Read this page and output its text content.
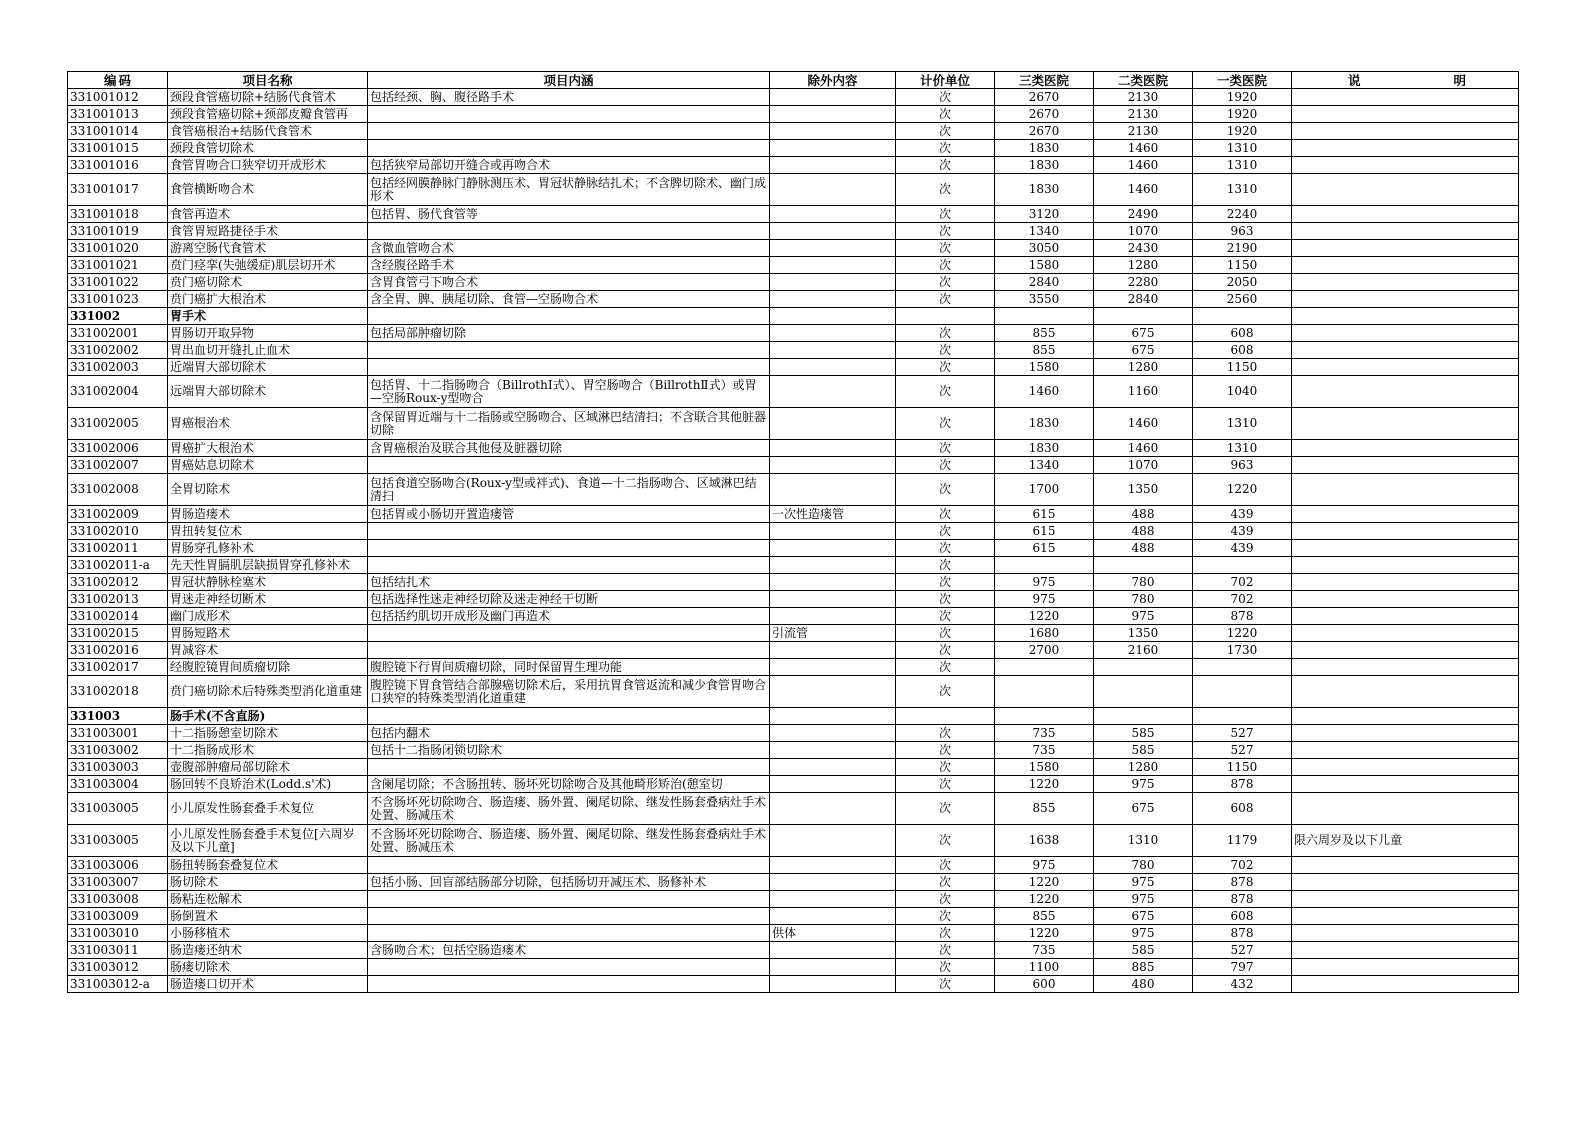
编 码	项目名称	项目内涵	除外内容	计价单位	三类医院	二类医院	一类医院	说 明

331001012	颈段食管癌切除+结肠代食管术	包括经颈、胸、腹径路手术		次	2670	2130	1920	
331001013	颈段食管癌切除+颈部皮瓣食管再			次	2670	2130	1920	
331001014	食管癌根治+结肠代食管术			次	2670	2130	1920	
331001015	颈段食管切除术			次	1830	1460	1310	
331001016	食管胃吻合口狭窄切开成形术	包括狭窄局部切开缝合或再吻合术		次	1830	1460	1310	
331001017	食管横断吻合术	包括经网膜静脉门静脉测压术、胃冠状静脉结扎术；不含脾切除术、幽门成形术		次	1830	1460	1310	
331001018	食管再造术	包括胃、肠代食管等		次	3120	2490	2240	
331001019	食管胃短路捷径手术			次	1340	1070	963	
331001020	游离空肠代食管术	含微血管吻合术		次	3050	2430	2190	
331001021	贲门痉挛(失弛缓症)肌层切开术	含经腹径路手术		次	1580	1280	1150	
331001022	贲门癌切除术	含胃食管弓下吻合术		次	2840	2280	2050	
331001023	贲门癌扩大根治术	含全胃、脾、胰尾切除、食管—空肠吻合术		次	3550	2840	2560	
331002	胃手术							
331002001	胃肠切开取异物	包括局部肿瘤切除		次	855	675	608	
331002002	胃出血切开缝扎止血术			次	855	675	608	
331002003	近端胃大部切除术			次	1580	1280	1150	
331002004	远端胃大部切除术	包括胃、十二指肠吻合（BillrothⅠ式）、胃空肠吻合（BillrothⅡ式）或胃—空肠Roux-y型吻合		次	1460	1160	1040	
331002005	胃癌根治术	含保留胃近端与十二指肠或空肠吻合、区域淋巴结清扫；不含联合其他脏器切除		次	1830	1460	1310	
331002006	胃癌扩大根治术	含胃癌根治及联合其他侵及脏器切除		次	1830	1460	1310	
331002007	胃癌姑息切除术			次	1340	1070	963	
331002008	全胃切除术	包括食道空肠吻合(Roux-y型或袢式)、食道—十二指肠吻合、区域淋巴结清扫		次	1700	1350	1220	
331002009	胃肠造瘘术	包括胃或小肠切开置造瘘管	一次性造瘘管	次	615	488	439	
331002010	胃扭转复位术			次	615	488	439	
331002011	胃肠穿孔修补术			次	615	488	439	
331002011-a	先天性胃膈肌层缺损胃穿孔修补术			次				
331002012	胃冠状静脉栓塞术	包括结扎术		次	975	780	702	
331002013	胃迷走神经切断术	包括选择性迷走神经切除及迷走神经干切断		次	975	780	702	
331002014	幽门成形术	包括括约肌切开成形及幽门再造术		次	1220	975	878	
331002015	胃肠短路术		引流管	次	1680	1350	1220	
331002016	胃减容术			次	2700	2160	1730	
331002017	经腹腔镜胃间质瘤切除	腹腔镜下行胃间质瘤切除，同时保留胃生理功能		次				
331002018	贲门癌切除术后特殊类型消化道重建	腹腔镜下胃食管结合部腺癌切除术后，采用抗胃食管返流和减少食管胃吻合口狭窄的特殊类型消化道重建		次				
331003	肠手术(不含直肠)							
331003001	十二指肠憩室切除术	包括内翻术		次	735	585	527	
331003002	十二指肠成形术	包括十二指肠闭锁切除术		次	735	585	527	
331003003	壶腹部肿瘤局部切除术			次	1580	1280	1150	
331003004	肠回转不良矫治术(Lodd.s'术)	含阑尾切除；不含肠扭转、肠坏死切除吻合及其他畸形矫治(憩室切		次	1220	975	878	
331003005	小儿原发性肠套叠手术复位	不含肠坏死切除吻合、肠造瘘、肠外置、阑尾切除、继发性肠套叠病灶手术处置、肠减压术		次	855	675	608	
331003005	小儿原发性肠套叠手术复位[六周岁及以下儿童]	不含肠坏死切除吻合、肠造瘘、肠外置、阑尾切除、继发性肠套叠病灶手术处置、肠减压术		次	1638	1310	1179	限六周岁及以下儿童
331003006	肠扭转肠套叠复位术			次	975	780	702	
331003007	肠切除术	包括小肠、回盲部结肠部分切除，包括肠切开减压术、肠修补术		次	1220	975	878	
331003008	肠粘连松解术			次	1220	975	878	
331003009	肠倒置术			次	855	675	608	
331003010	小肠移植术		供体	次	1220	975	878	
331003011	肠造瘘还纳术	含肠吻合术；包括空肠造瘘术		次	735	585	527	
331003012	肠瘘切除术			次	1100	885	797	
331003012-a	肠造瘘口切开术			次	600	480	432	
